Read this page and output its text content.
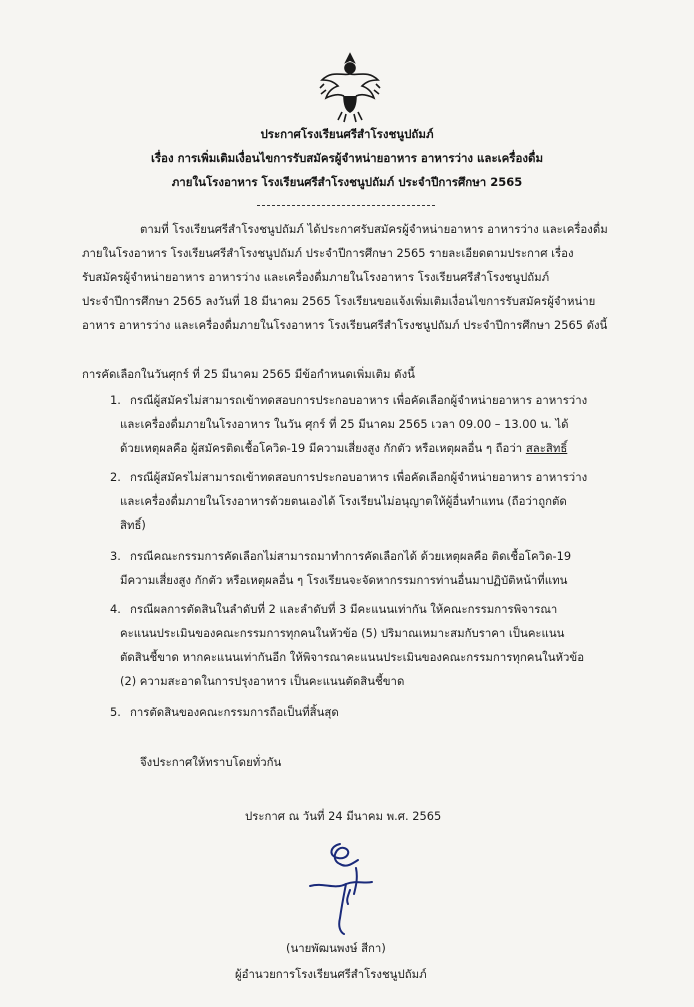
ประกาศโรงเรียนศรีสำโรงชนูปถัมภ์
เรื่อง การเพิ่มเติมเงื่อนไขการรับสมัครผู้จำหน่ายอาหาร อาหารว่าง และเครื่องดื่ม
ภายในโรงอาหาร โรงเรียนศรีสำโรงชนูปถัมภ์ ประจำปีการศึกษา 2565
ตามที่ โรงเรียนศรีสำโรงชนูปถัมภ์ ได้ประกาศรับสมัครผู้จำหน่ายอาหาร อาหารว่าง และเครื่องดื่ม
ภายในโรงอาหาร โรงเรียนศรีสำโรงชนูปถัมภ์ ประจำปีการศึกษา 2565 รายละเอียดตามประกาศ เรื่อง
รับสมัครผู้จำหน่ายอาหาร อาหารว่าง และเครื่องดื่มภายในโรงอาหาร โรงเรียนศรีสำโรงชนูปถัมภ์
ประจำปีการศึกษา 2565 ลงวันที่ 18 มีนาคม 2565 โรงเรียนขอแจ้งเพิ่มเติมเงื่อนไขการรับสมัครผู้จำหน่าย
อาหาร อาหารว่าง และเครื่องดื่มภายในโรงอาหาร โรงเรียนศรีสำโรงชนูปถัมภ์ ประจำปีการศึกษา 2565 ดังนี้
การคัดเลือกในวันศุกร์ ที่ 25 มีนาคม 2565 มีข้อกำหนดเพิ่มเติม ดังนี้
1. กรณีผู้สมัครไม่สามารถเข้าทดสอบการประกอบอาหาร เพื่อคัดเลือกผู้จำหน่ายอาหาร อาหารว่าง
และเครื่องดื่มภายในโรงอาหาร ในวัน ศุกร์ ที่ 25 มีนาคม 2565 เวลา 09.00 – 13.00 น. ได้
ด้วยเหตุผลคือ ผู้สมัครติดเชื้อโควิด-19 มีความเสี่ยงสูง กักตัว หรือเหตุผลอื่น ๆ ถือว่า สละสิทธิ์
2. กรณีผู้สมัครไม่สามารถเข้าทดสอบการประกอบอาหาร เพื่อคัดเลือกผู้จำหน่ายอาหาร อาหารว่าง
และเครื่องดื่มภายในโรงอาหารด้วยตนเองได้ โรงเรียนไม่อนุญาตให้ผู้อื่นทำแทน (ถือว่าถูกตัด
สิทธิ์)
3. กรณีคณะกรรมการคัดเลือกไม่สามารถมาทำการคัดเลือกได้ ด้วยเหตุผลคือ ติดเชื้อโควิด-19
มีความเสี่ยงสูง กักตัว หรือเหตุผลอื่น ๆ โรงเรียนจะจัดหากรรมการท่านอื่นมาปฏิบัติหน้าที่แทน
4. กรณีผลการตัดสินในลำดับที่ 2 และลำดับที่ 3 มีคะแนนเท่ากัน ให้คณะกรรมการพิจารณา
คะแนนประเมินของคณะกรรมการทุกคนในหัวข้อ (5) ปริมาณเหมาะสมกับราคา เป็นคะแนน
ตัดสินชี้ขาด หากคะแนนเท่ากันอีก ให้พิจารณาคะแนนประเมินของคณะกรรมการทุกคนในหัวข้อ
(2) ความสะอาดในการปรุงอาหาร เป็นคะแนนตัดสินชี้ขาด
5. การตัดสินของคณะกรรมการถือเป็นที่สิ้นสุด
จึงประกาศให้ทราบโดยทั่วกัน
ประกาศ ณ วันที่ 24 มีนาคม พ.ศ. 2565
(นายพัฒนพงษ์ สีกา)
ผู้อำนวยการโรงเรียนศรีสำโรงชนูปถัมภ์
